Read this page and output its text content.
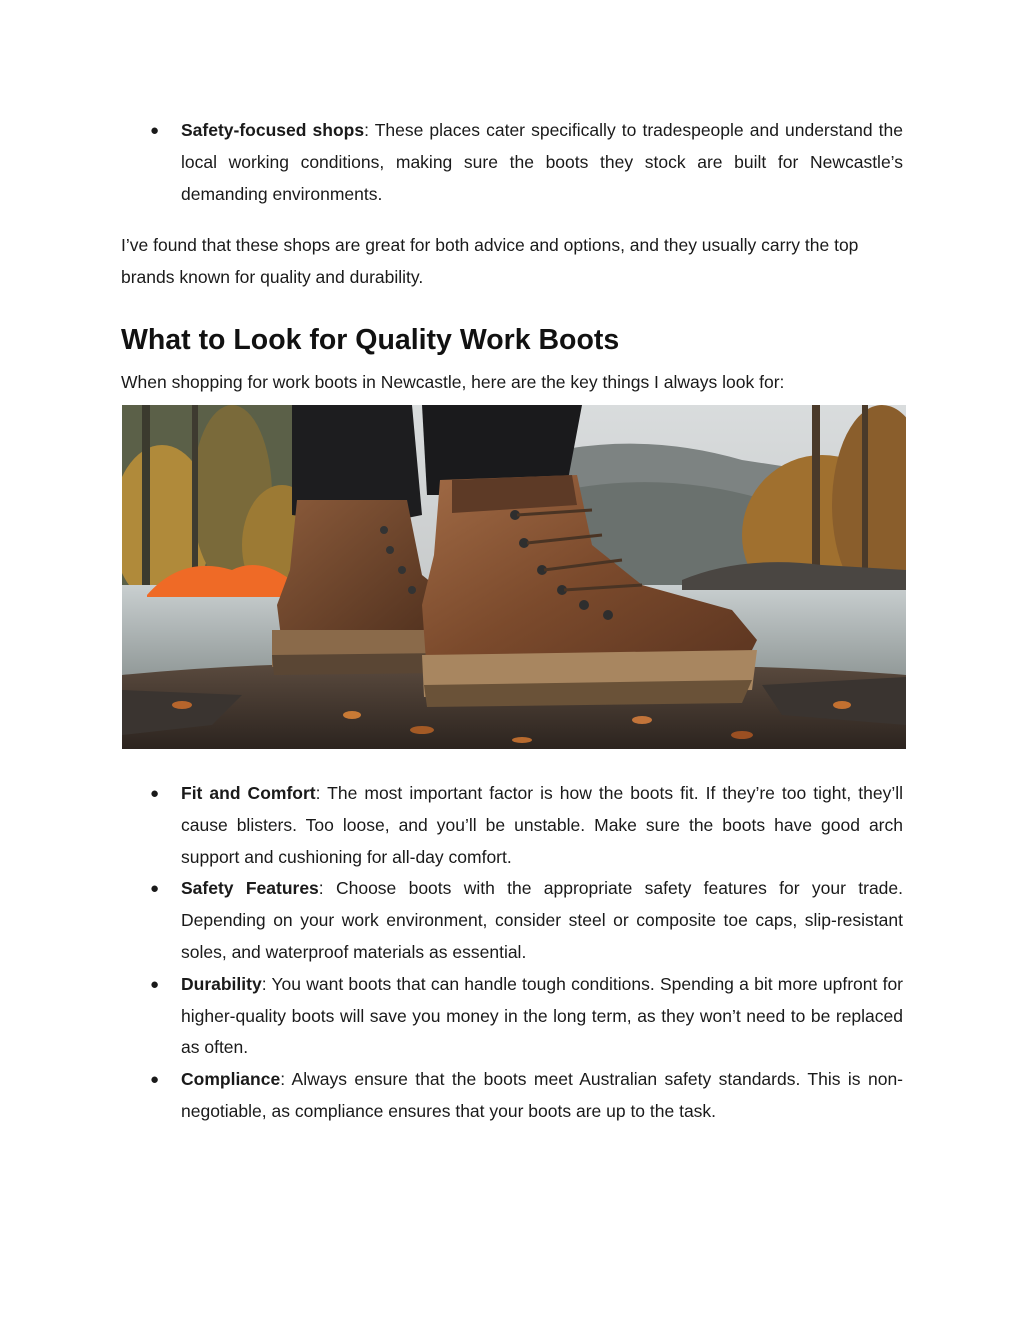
● Safety-focused shops: These places cater specifically to tradespeople and understand the local working conditions, making sure the boots they stock are built for Newcastle’s demanding environments.

I’ve found that these shops are great for both advice and options, and they usually carry the top brands known for quality and durability.

What to Look for Quality Work Boots

When shopping for work boots in Newcastle, here are the key things I always look for:

● Fit and Comfort: The most important factor is how the boots fit. If they’re too tight, they’ll cause blisters. Too loose, and you’ll be unstable. Make sure the boots have good arch support and cushioning for all-day comfort.
● Safety Features: Choose boots with the appropriate safety features for your trade. Depending on your work environment, consider steel or composite toe caps, slip-resistant soles, and waterproof materials as essential.
● Durability: You want boots that can handle tough conditions. Spending a bit more upfront for higher-quality boots will save you money in the long term, as they won’t need to be replaced as often.
● Compliance: Always ensure that the boots meet Australian safety standards. This is non-negotiable, as compliance ensures that your boots are up to the task.
